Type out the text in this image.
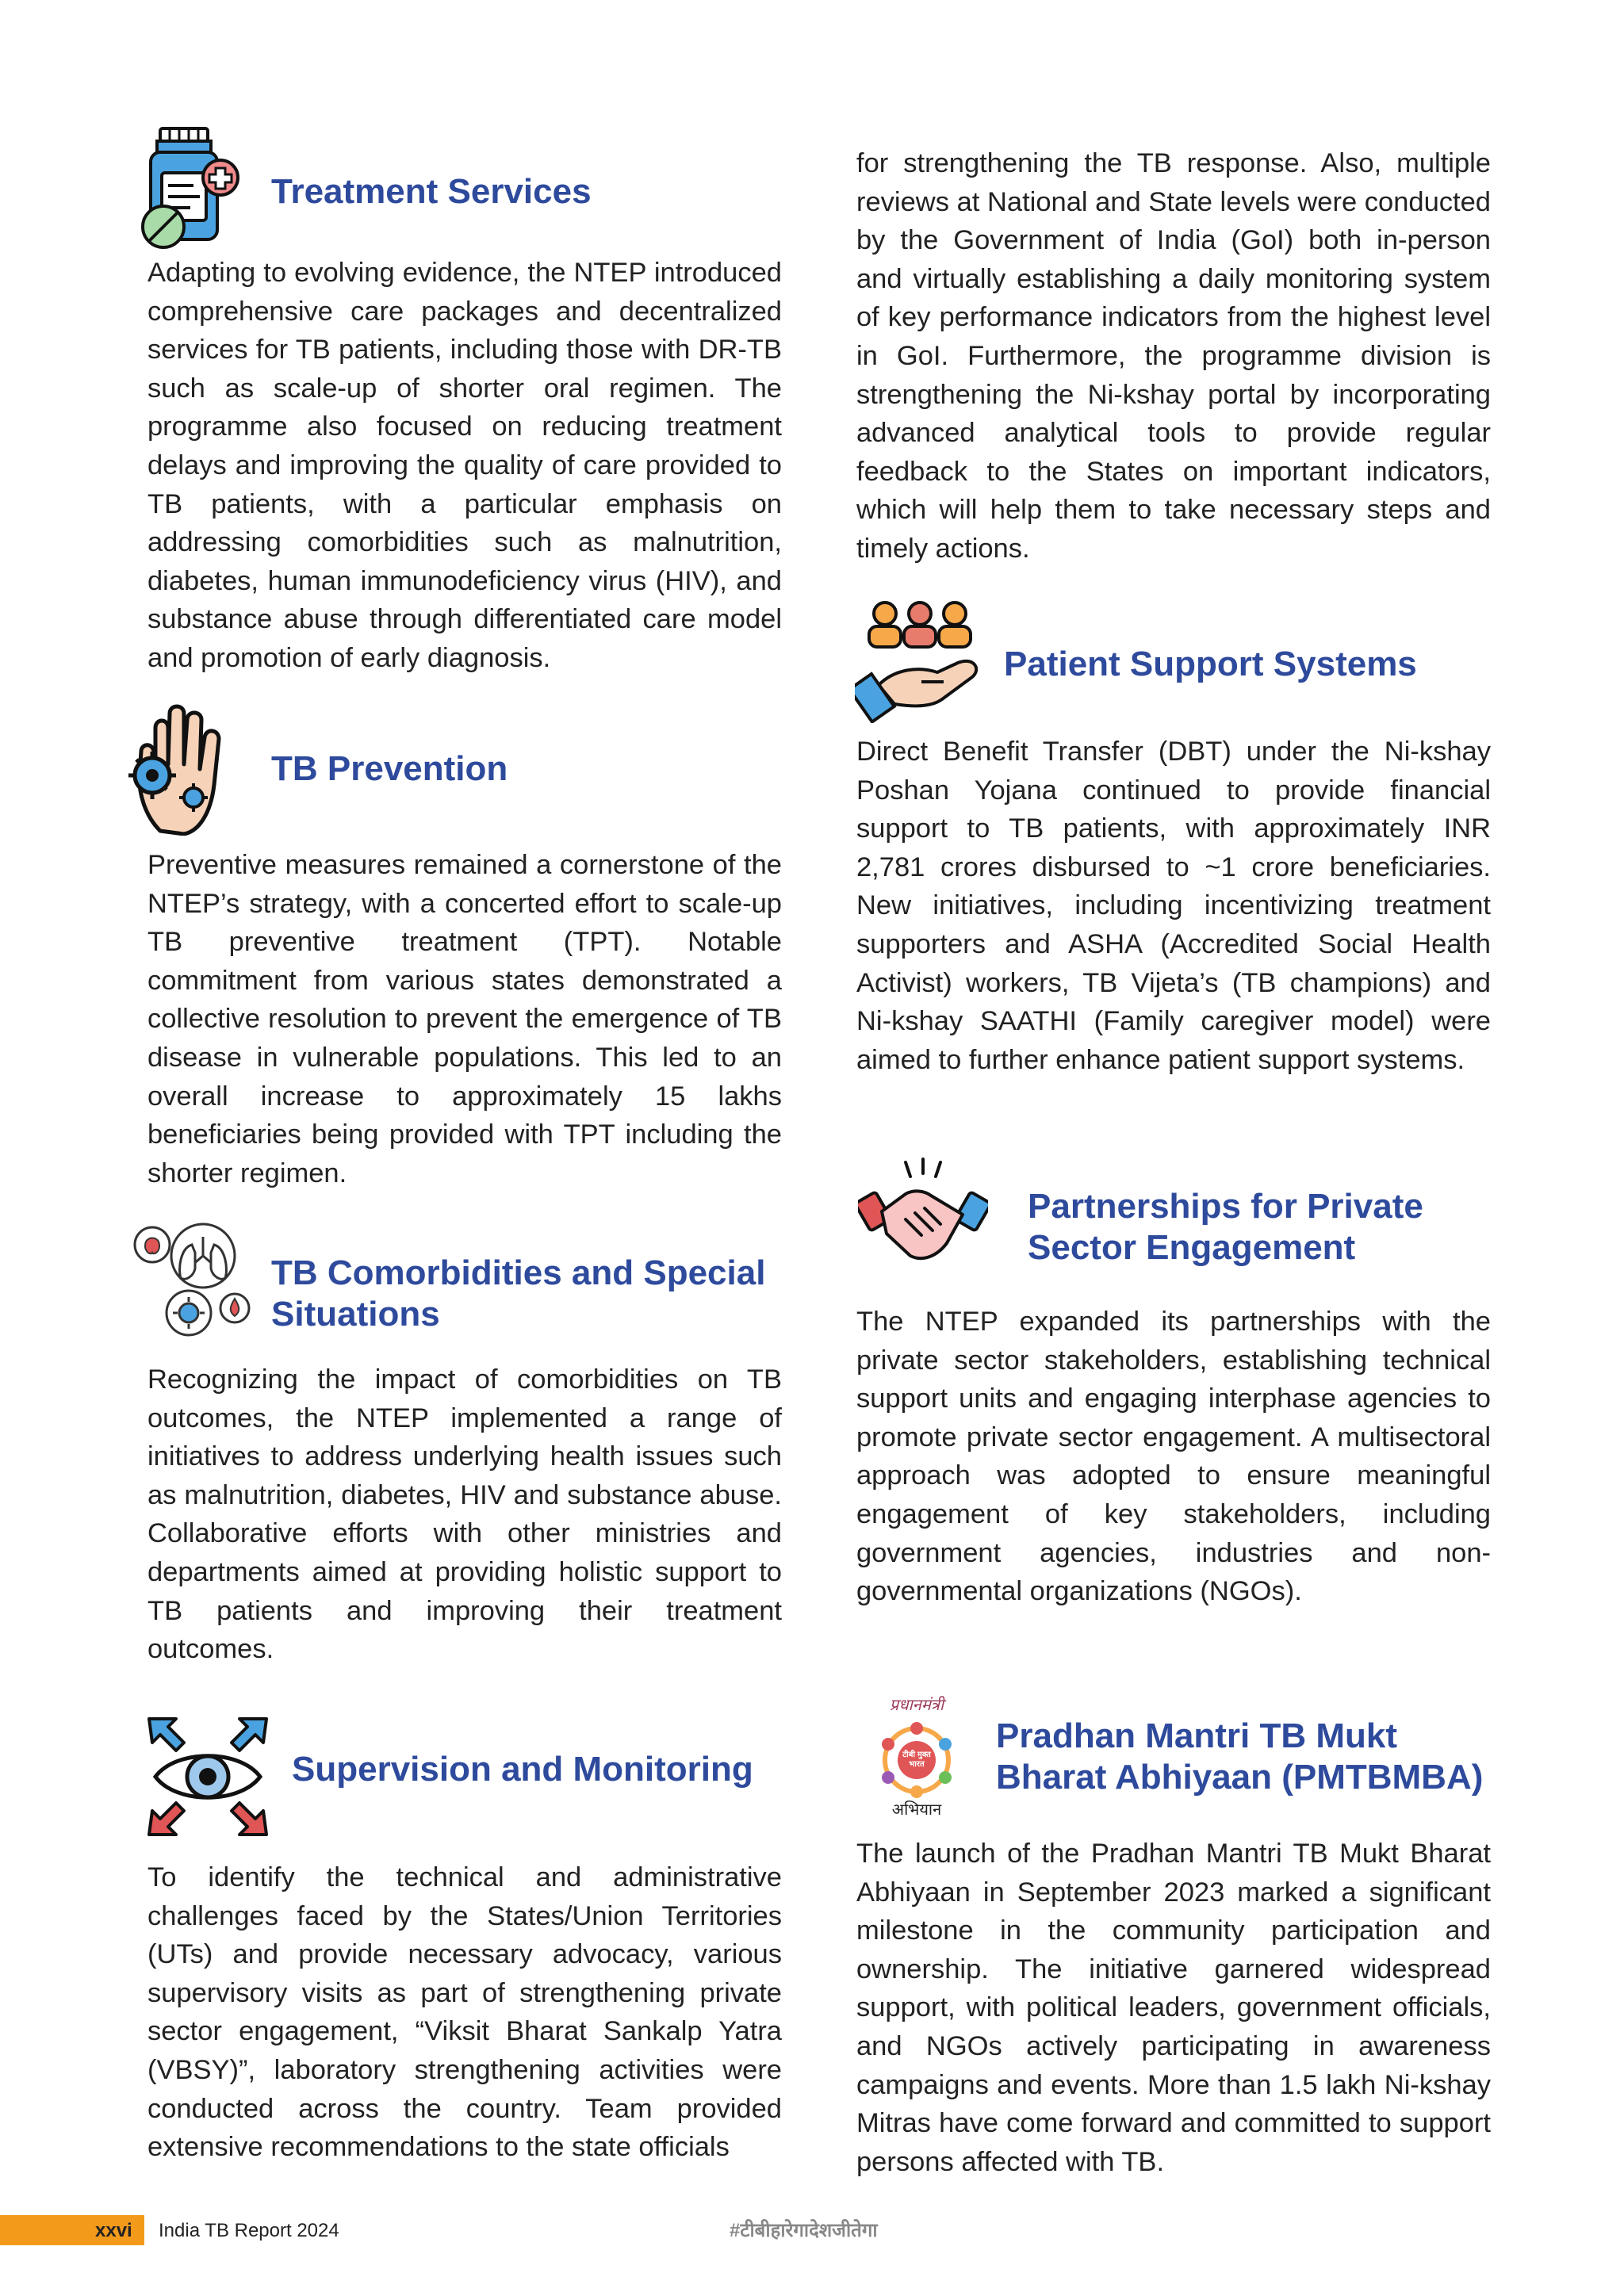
Treatment Services

Adapting to evolving evidence, the NTEP introduced comprehensive care packages and decentralized services for TB patients, including those with DR-TB such as scale-up of shorter oral regimen. The programme also focused on reducing treatment delays and improving the quality of care provided to TB patients, with a particular emphasis on addressing comorbidities such as malnutrition, diabetes, human immunodeficiency virus (HIV), and substance abuse through differentiated care model and promotion of early diagnosis.

TB Prevention

Preventive measures remained a cornerstone of the NTEP’s strategy, with a concerted effort to scale-up TB preventive treatment (TPT). Notable commitment from various states demonstrated a collective resolution to prevent the emergence of TB disease in vulnerable populations. This led to an overall increase to approximately 15 lakhs beneficiaries being provided with TPT including the shorter regimen.

TB Comorbidities and Special Situations

Recognizing the impact of comorbidities on TB outcomes, the NTEP implemented a range of initiatives to address underlying health issues such as malnutrition, diabetes, HIV and substance abuse. Collaborative efforts with other ministries and departments aimed at providing holistic support to TB patients and improving their treatment outcomes.

Supervision and Monitoring

To identify the technical and administrative challenges faced by the States/Union Territories (UTs) and provide necessary advocacy, various supervisory visits as part of strengthening private sector engagement, “Viksit Bharat Sankalp Yatra (VBSY)”, laboratory strengthening activities were conducted across the country. Team provided extensive recommendations to the state officials

for strengthening the TB response. Also, multiple reviews at National and State levels were conducted by the Government of India (GoI) both in-person and virtually establishing a daily monitoring system of key performance indicators from the highest level in GoI. Furthermore, the programme division is strengthening the Ni-kshay portal by incorporating advanced analytical tools to provide regular feedback to the States on important indicators, which will help them to take necessary steps and timely actions.

Patient Support Systems

Direct Benefit Transfer (DBT) under the Ni-kshay Poshan Yojana continued to provide financial support to TB patients, with approximately INR 2,781 crores disbursed to ~1 crore beneficiaries. New initiatives, including incentivizing treatment supporters and ASHA (Accredited Social Health Activist) workers, TB Vijeta’s (TB champions) and Ni-kshay SAATHI (Family caregiver model) were aimed to further enhance patient support systems.

Partnerships for Private
Sector Engagement

The NTEP expanded its partnerships with the private sector stakeholders, establishing technical support units and engaging interphase agencies to promote private sector engagement. A multisectoral approach was adopted to ensure meaningful engagement of key stakeholders, including government agencies, industries and non-governmental organizations (NGOs).

प्रधानमंत्री
टीबी मुक्त भारत
अभियान
Pradhan Mantri TB Mukt
Bharat Abhiyaan (PMTBMBA)

The launch of the Pradhan Mantri TB Mukt Bharat Abhiyaan in September 2023 marked a significant milestone in the community participation and ownership. The initiative garnered widespread support, with political leaders, government officials, and NGOs actively participating in awareness campaigns and events. More than 1.5 lakh Ni-kshay Mitras have come forward and committed to support persons affected with TB.

xxvi India TB Report 2024	#टीबीहारेगादेशजीतेगा
